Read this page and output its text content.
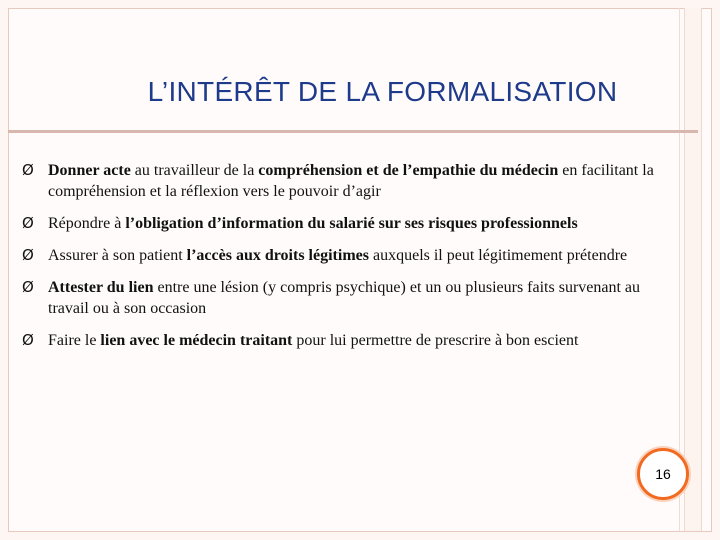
L’INTÉRÊT DE LA FORMALISATION
Ø Donner acte au travailleur de la compréhension et de l’empathie du médecin en facilitant la compréhension et la réflexion vers le pouvoir d’agir
Ø Répondre à l’obligation d’information du salarié sur ses risques professionnels
Ø Assurer à son patient l’accès aux droits légitimes auxquels il peut légitimement prétendre
Ø Attester du lien entre une lésion (y compris psychique) et un ou plusieurs faits survenant au travail ou à son occasion
Ø Faire le lien avec le médecin traitant pour lui permettre de prescrire à bon escient
16
